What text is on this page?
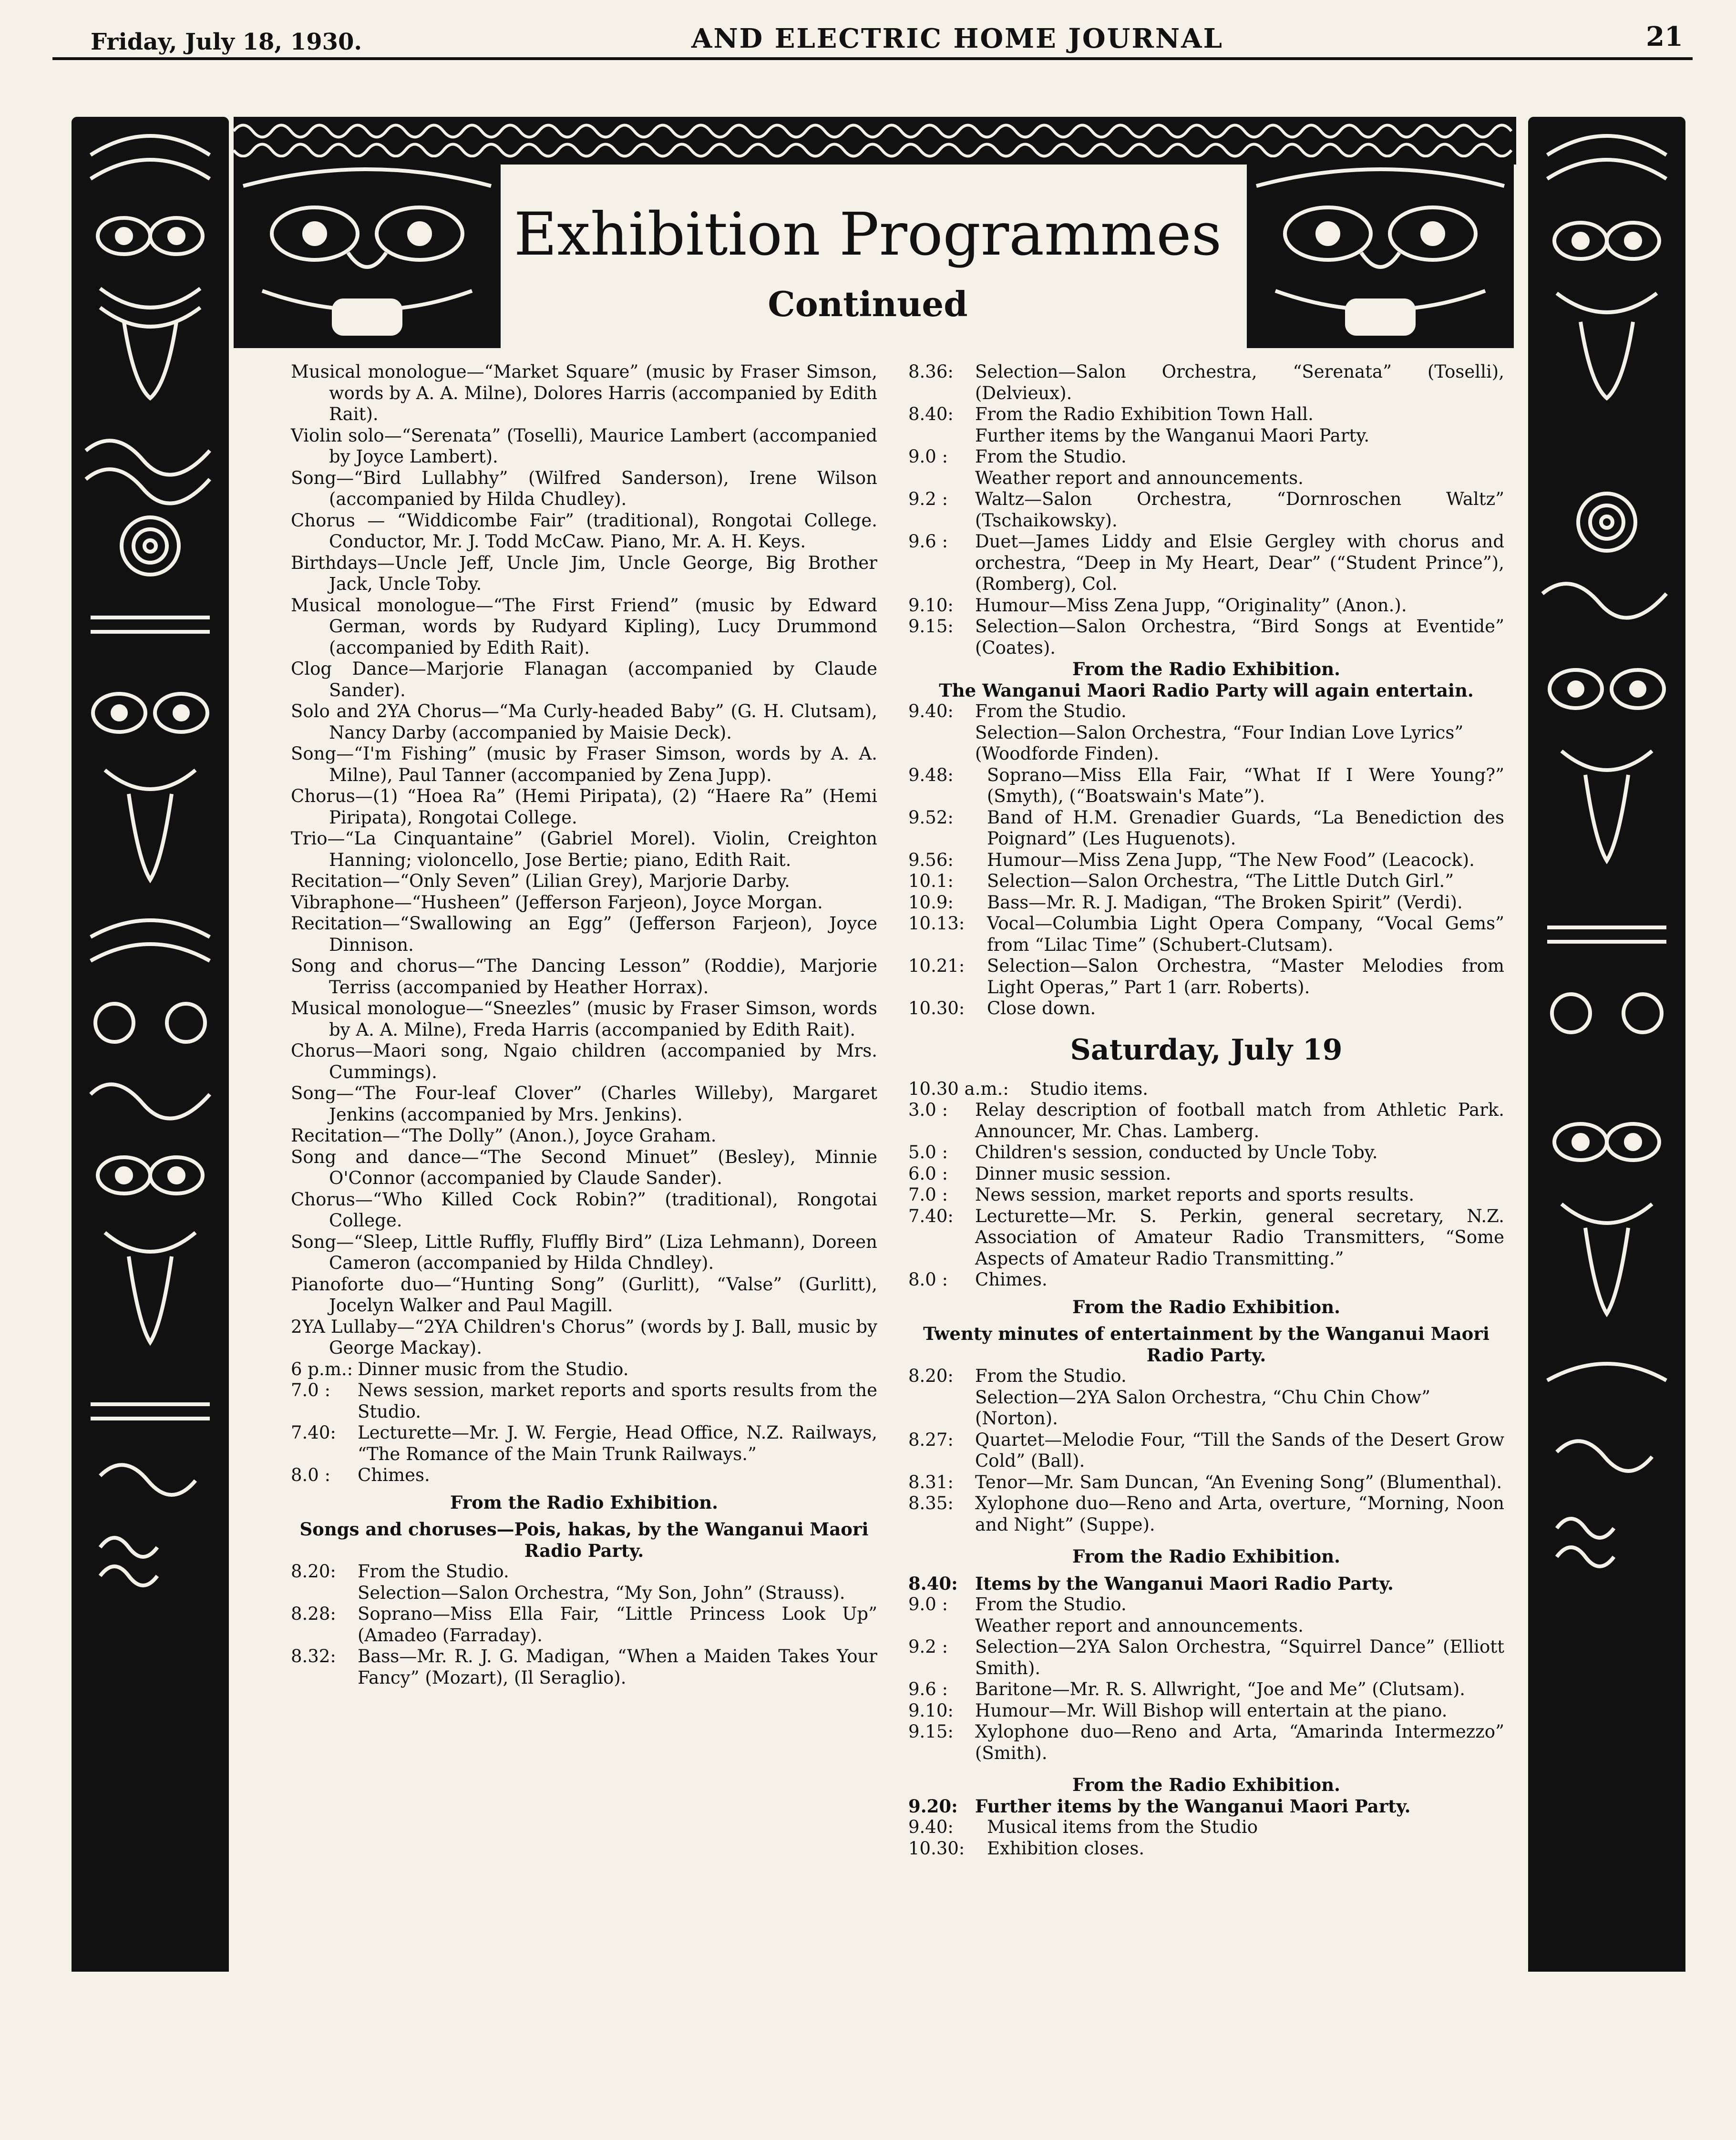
Friday, July 18, 1930.	AND ELECTRIC HOME JOURNAL	21
Exhibition Programmes
Continued

Musical monologue—“Market Square” (music by Fraser Simson, words by A. A. Milne), Dolores Harris (accompanied by Edith Rait).

Violin solo—“Serenata” (Toselli), Maurice Lambert (accompanied by Joyce Lambert).

Song—“Bird Lullabhy” (Wilfred Sanderson), Irene Wilson (accompanied by Hilda Chudley).

Chorus — “Widdicombe Fair” (traditional), Rongotai College. Conductor, Mr. J. Todd McCaw. Piano, Mr. A. H. Keys.

Birthdays—Uncle Jeff, Uncle Jim, Uncle George, Big Brother Jack, Uncle Toby.

Musical monologue—“The First Friend” (music by Edward German, words by Rudyard Kipling), Lucy Drummond (accompanied by Edith Rait).

Clog Dance—Marjorie Flanagan (accompanied by Claude Sander).

Solo and 2YA Chorus—“Ma Curly-headed Baby” (G. H. Clutsam), Nancy Darby (accompanied by Maisie Deck).

Song—“I'm Fishing” (music by Fraser Simson, words by A. A. Milne), Paul Tanner (accompanied by Zena Jupp).

Chorus—(1) “Hoea Ra” (Hemi Piripata), (2) “Haere Ra” (Hemi Piripata), Rongotai College.

Trio—“La Cinquantaine” (Gabriel Morel). Violin, Creighton Hanning; violoncello, Jose Bertie; piano, Edith Rait.

Recitation—“Only Seven” (Lilian Grey), Marjorie Darby.

Vibraphone—“Husheen” (Jefferson Farjeon), Joyce Morgan.

Recitation—“Swallowing an Egg” (Jefferson Farjeon), Joyce Dinnison.

Song and chorus—“The Dancing Lesson” (Roddie), Marjorie Terriss (accompanied by Heather Horrax).

Musical monologue—“Sneezles” (music by Fraser Simson, words by A. A. Milne), Freda Harris (accompanied by Edith Rait).

Chorus—Maori song, Ngaio children (accompanied by Mrs. Cummings).

Song—“The Four-leaf Clover” (Charles Willeby), Margaret Jenkins (accompanied by Mrs. Jenkins).

Recitation—“The Dolly” (Anon.), Joyce Graham.

Song and dance—“The Second Minuet” (Besley), Minnie O'Connor (accompanied by Claude Sander).

Chorus—“Who Killed Cock Robin?” (traditional), Rongotai College.

Song—“Sleep, Little Ruffly, Fluffly Bird” (Liza Lehmann), Doreen Cameron (accompanied by Hilda Chndley).

Pianoforte duo—“Hunting Song” (Gurlitt), “Valse” (Gurlitt), Jocelyn Walker and Paul Magill.

2YA Lullaby—“2YA Children's Chorus” (words by J. Ball, music by George Mackay).

6 p.m.: Dinner music from the Studio.
7.0 :	News session, market reports and sports results from the Studio.
7.40:	Lecturette—Mr. J. W. Fergie, Head Office, N.Z. Railways, “The Romance of the Main Trunk Railways.”
8.0 :	Chimes.

From the Radio Exhibition.

Songs and choruses—Pois, hakas, by the Wanganui Maori Radio Party.

8.20:	From the Studio.

Selection—Salon Orchestra, “My Son, John” (Strauss).

8.28:	Soprano—Miss Ella Fair, “Little Princess Look Up” (Amadeo (Farraday).
8.32:	Bass—Mr. R. J. G. Madigan, “When a Maiden Takes Your Fancy” (Mozart), (Il Seraglio).
8.36:	Selection—Salon Orchestra, “Serenata” (Toselli), (Delvieux).
8.40:	From the Radio Exhibition Town Hall.

Further items by the Wanganui Maori Party.

9.0 :	From the Studio.

Weather report and announcements.

9.2 :	Waltz—Salon Orchestra, “Dornroschen Waltz” (Tschaikowsky).
9.6 :	Duet—James Liddy and Elsie Gergley with chorus and orchestra, “Deep in My Heart, Dear” (“Student Prince”), (Romberg), Col.
9.10:	Humour—Miss Zena Jupp, “Originality” (Anon.).
9.15:	Selection—Salon Orchestra, “Bird Songs at Eventide” (Coates).

From the Radio Exhibition.

The Wanganui Maori Radio Party will again entertain.

9.40:	From the Studio.

Selection—Salon Orchestra, “Four Indian Love Lyrics” (Woodforde Finden).

9.48:	Soprano—Miss Ella Fair, “What If I Were Young?” (Smyth), (“Boatswain's Mate”).
9.52:	Band of H.M. Grenadier Guards, “La Benediction des Poignard” (Les Huguenots).
9.56:	Humour—Miss Zena Jupp, “The New Food” (Leacock).
10.1:	Selection—Salon Orchestra, “The Little Dutch Girl.”
10.9:	Bass—Mr. R. J. Madigan, “The Broken Spirit” (Verdi).
10.13:	Vocal—Columbia Light Opera Company, “Vocal Gems” from “Lilac Time” (Schubert-Clutsam).
10.21:	Selection—Salon Orchestra, “Master Melodies from Light Operas,” Part 1 (arr. Roberts).
10.30:	Close down.
Saturday, July 19
10.30 a.m.:	Studio items.
3.0 :	Relay description of football match from Athletic Park. Announcer, Mr. Chas. Lamberg.
5.0 :	Children's session, conducted by Uncle Toby.
6.0 :	Dinner music session.
7.0 :	News session, market reports and sports results.
7.40:	Lecturette—Mr. S. Perkin, general secretary, N.Z. Association of Amateur Radio Transmitters, “Some Aspects of Amateur Radio Transmitting.”
8.0 :	Chimes.

From the Radio Exhibition.

Twenty minutes of entertainment by the Wanganui Maori Radio Party.

8.20:	From the Studio.

Selection—2YA Salon Orchestra, “Chu Chin Chow” (Norton).

8.27:	Quartet—Melodie Four, “Till the Sands of the Desert Grow Cold” (Ball).
8.31:	Tenor—Mr. Sam Duncan, “An Evening Song” (Blumenthal).
8.35:	Xylophone duo—Reno and Arta, overture, “Morning, Noon and Night” (Suppe).

From the Radio Exhibition.

8.40: Items by the Wanganui Maori Radio Party.
9.0 :	From the Studio.

Weather report and announcements.

9.2 :	Selection—2YA Salon Orchestra, “Squirrel Dance” (Elliott Smith).
9.6 :	Baritone—Mr. R. S. Allwright, “Joe and Me” (Clutsam).
9.10:	Humour—Mr. Will Bishop will entertain at the piano.
9.15:	Xylophone duo—Reno and Arta, “Amarinda Intermezzo” (Smith).

From the Radio Exhibition.

9.20: Further items by the Wanganui Maori Party.
9.40:	Musical items from the Studio
10.30:	Exhibition closes.
